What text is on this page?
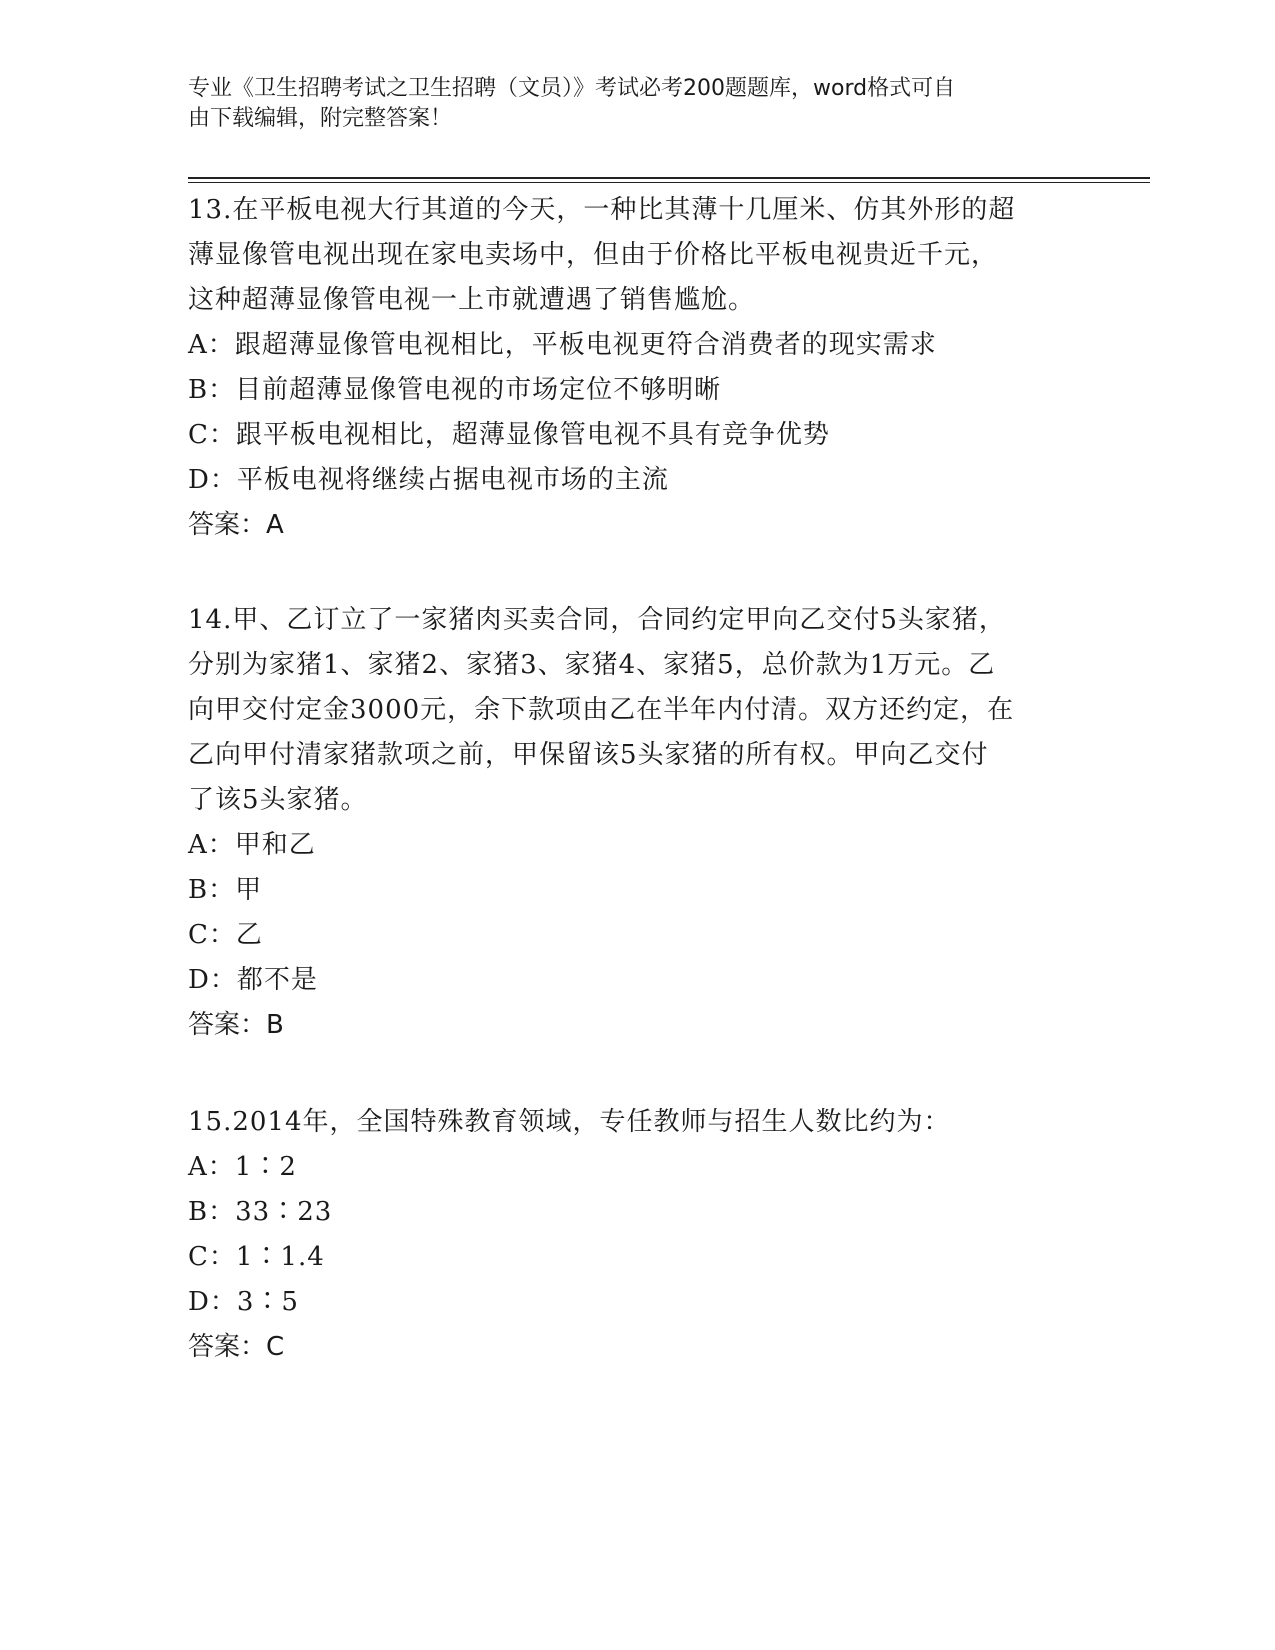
专业《卫生招聘考试之卫生招聘（文员）》考试必考200题题库，word格式可自
由下载编辑，附完整答案！

13.在平板电视大行其道的今天，一种比其薄十几厘米、仿其外形的超

薄显像管电视出现在家电卖场中，但由于价格比平板电视贵近千元，

这种超薄显像管电视一上市就遭遇了销售尴尬。

A：跟超薄显像管电视相比，平板电视更符合消费者的现实需求

B：目前超薄显像管电视的市场定位不够明晰

C：跟平板电视相比，超薄显像管电视不具有竞争优势

D：平板电视将继续占据电视市场的主流

答案：A

14.甲、乙订立了一家猪肉买卖合同，合同约定甲向乙交付5头家猪，

分别为家猪1、家猪2、家猪3、家猪4、家猪5，总价款为1万元。乙

向甲交付定金3000元，余下款项由乙在半年内付清。双方还约定，在

乙向甲付清家猪款项之前，甲保留该5头家猪的所有权。甲向乙交付

了该5头家猪。

A：甲和乙

B：甲

C：乙

D：都不是

答案：B

15.2014年，全国特殊教育领域，专任教师与招生人数比约为：

A：1∶2

B：33∶23

C：1∶1.4

D：3∶5

答案：C
